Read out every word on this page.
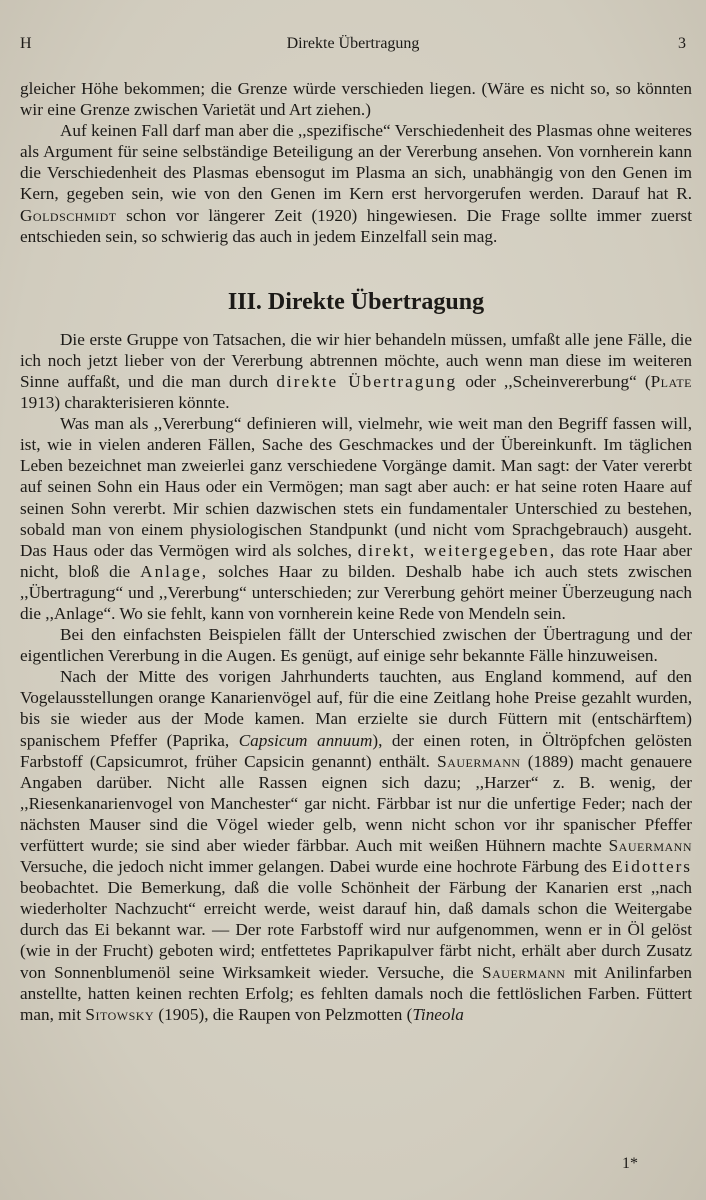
H	Direkte Übertragung	3

gleicher Höhe bekommen; die Grenze würde verschieden liegen. (Wäre es nicht so, so könnten wir eine Grenze zwischen Varietät und Art ziehen.)

Auf keinen Fall darf man aber die ,,spezifische“ Verschiedenheit des Plasmas ohne weiteres als Argument für seine selbständige Beteiligung an der Vererbung ansehen. Von vornherein kann die Verschiedenheit des Plasmas ebensogut im Plasma an sich, unabhängig von den Genen im Kern, gegeben sein, wie von den Genen im Kern erst hervorgerufen werden. Darauf hat R. Goldschmidt schon vor längerer Zeit (1920) hingewiesen. Die Frage sollte immer zuerst entschieden sein, so schwierig das auch in jedem Einzelfall sein mag.

III. Direkte Übertragung

Die erste Gruppe von Tatsachen, die wir hier behandeln müssen, umfaßt alle jene Fälle, die ich noch jetzt lieber von der Vererbung abtrennen möchte, auch wenn man diese im weiteren Sinne auffaßt, und die man durch direkte Übertragung oder ,,Scheinvererbung“ (Plate 1913) charakterisieren könnte.

Was man als ,,Vererbung“ definieren will, vielmehr, wie weit man den Begriff fassen will, ist, wie in vielen anderen Fällen, Sache des Geschmackes und der Übereinkunft. Im täglichen Leben bezeichnet man zweierlei ganz verschiedene Vorgänge damit. Man sagt: der Vater vererbt auf seinen Sohn ein Haus oder ein Vermögen; man sagt aber auch: er hat seine roten Haare auf seinen Sohn vererbt. Mir schien dazwischen stets ein fundamentaler Unterschied zu bestehen, sobald man von einem physiologischen Standpunkt (und nicht vom Sprachgebrauch) ausgeht. Das Haus oder das Vermögen wird als solches, direkt, weitergegeben, das rote Haar aber nicht, bloß die Anlage, solches Haar zu bilden. Deshalb habe ich auch stets zwischen ,,Übertragung“ und ,,Vererbung“ unterschieden; zur Vererbung gehört meiner Überzeugung nach die ,,Anlage“. Wo sie fehlt, kann von vornherein keine Rede von Mendeln sein.

Bei den einfachsten Beispielen fällt der Unterschied zwischen der Übertragung und der eigentlichen Vererbung in die Augen. Es genügt, auf einige sehr bekannte Fälle hinzuweisen.

Nach der Mitte des vorigen Jahrhunderts tauchten, aus England kommend, auf den Vogelausstellungen orange Kanarienvögel auf, für die eine Zeitlang hohe Preise gezahlt wurden, bis sie wieder aus der Mode kamen. Man erzielte sie durch Füttern mit (entschärftem) spanischem Pfeffer (Paprika, Capsicum annuum), der einen roten, in Öltröpfchen gelösten Farbstoff (Capsicumrot, früher Capsicin genannt) enthält. Sauermann (1889) macht genauere Angaben darüber. Nicht alle Rassen eignen sich dazu; ,,Harzer“ z. B. wenig, der ,,Riesenkanarienvogel von Manchester“ gar nicht. Färbbar ist nur die unfertige Feder; nach der nächsten Mauser sind die Vögel wieder gelb, wenn nicht schon vor ihr spanischer Pfeffer verfüttert wurde; sie sind aber wieder färbbar. Auch mit weißen Hühnern machte Sauermann Versuche, die jedoch nicht immer gelangen. Dabei wurde eine hochrote Färbung des Eidotters beobachtet. Die Bemerkung, daß die volle Schönheit der Färbung der Kanarien erst ,,nach wiederholter Nachzucht“ erreicht werde, weist darauf hin, daß damals schon die Weitergabe durch das Ei bekannt war. — Der rote Farbstoff wird nur aufgenommen, wenn er in Öl gelöst (wie in der Frucht) geboten wird; entfettetes Paprikapulver färbt nicht, erhält aber durch Zusatz von Sonnenblumenöl seine Wirksamkeit wieder. Versuche, die Sauermann mit Anilinfarben anstellte, hatten keinen rechten Erfolg; es fehlten damals noch die fettlöslichen Farben. Füttert man, mit Sitowsky (1905), die Raupen von Pelzmotten (Tineola

1*
